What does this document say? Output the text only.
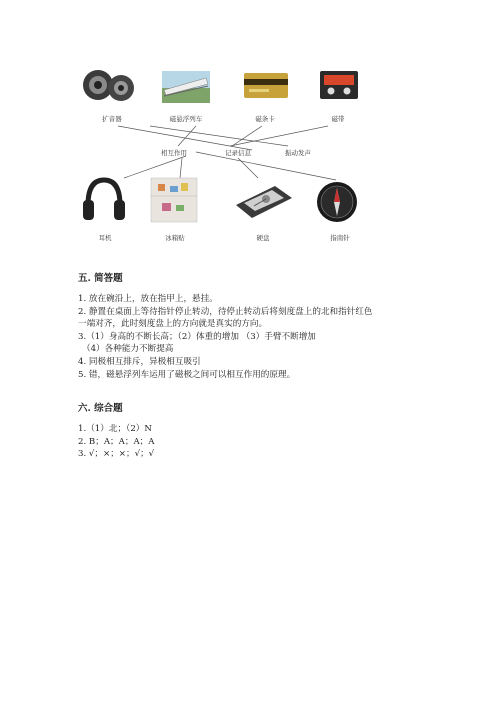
扩音器	磁悬浮列车	磁条卡	磁带
相互作用	记录信息	振动发声
耳机	冰箱贴	硬盘	指南针
五. 简答题
1. 放在碗沿上，放在指甲上，悬挂。
2. 静置在桌面上等待指针停止转动，待停止转动后将刻度盘上的北和指针红色
一端对齐，此时刻度盘上的方向就是真实的方向。
3.（1）身高的不断长高；（2）体重的增加 （3）手臂不断增加
（4）各种能力不断提高
4. 同极相互排斥，异极相互吸引
5. 错，磁悬浮列车运用了磁极之间可以相互作用的原理。
六. 综合题
1.（1）北；（2）N
2. B；A；A；A；A
3. √；×；×；√；√
